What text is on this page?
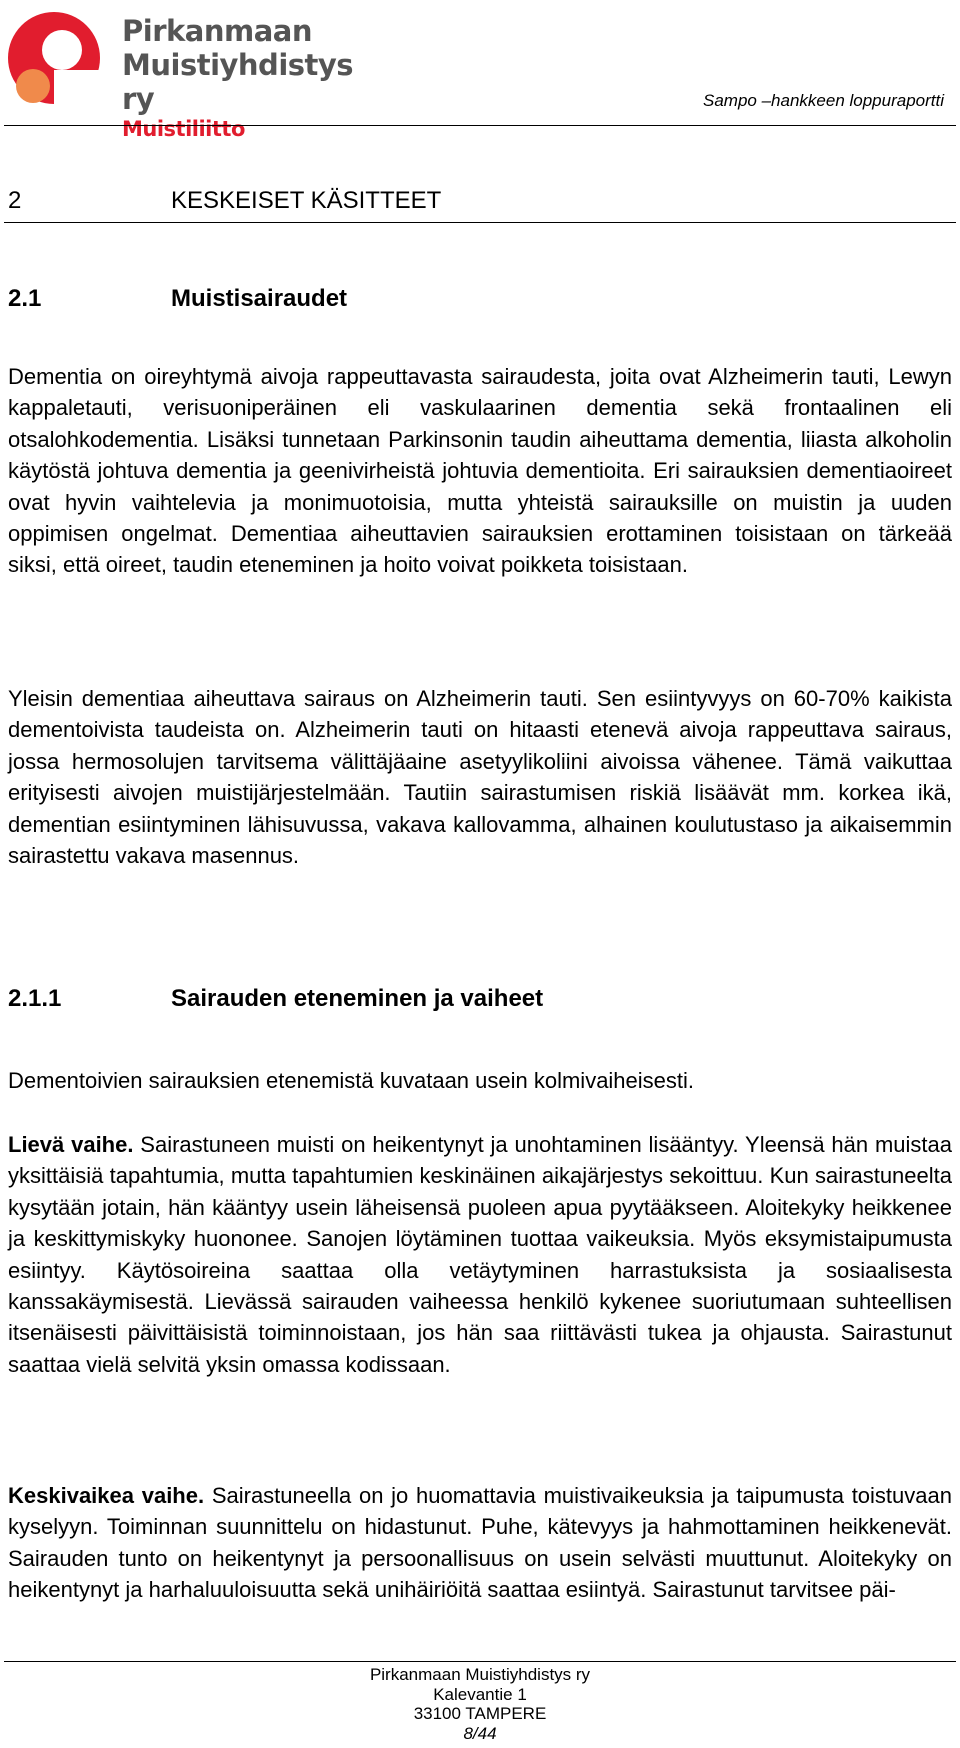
Pirkanmaan
Muistiyhdistys ry
Muistiliitto
Sampo –hankkeen loppuraportti
2	KESKEISET KÄSITTEET
2.1	Muistisairaudet

Dementia on oireyhtymä aivoja rappeuttavasta sairaudesta, joita ovat Alzheimerin tauti, Lewyn kappaletauti, verisuoniperäinen eli vaskulaarinen dementia sekä frontaalinen eli otsalohkodementia. Lisäksi tunnetaan Parkinsonin taudin aiheuttama dementia, liiasta alkoholin käytöstä johtuva dementia ja geenivirheistä johtuvia dementioita. Eri sairauksien dementiaoireet ovat hyvin vaihtelevia ja monimuotoisia, mutta yhteistä sairauksille on muistin ja uuden oppimisen ongelmat. Dementiaa aiheuttavien sairauksien erottaminen toisistaan on tärkeää siksi, että oireet, taudin eteneminen ja hoito voivat poikketa toisistaan.

Yleisin dementiaa aiheuttava sairaus on Alzheimerin tauti. Sen esiintyvyys on 60-70% kaikista dementoivista taudeista on. Alzheimerin tauti on hitaasti etenevä aivoja rappeuttava sairaus, jossa hermosolujen tarvitsema välittäjäaine asetyylikoliini aivoissa vähenee. Tämä vaikuttaa erityisesti aivojen muistijärjestelmään. Tautiin sairastumisen riskiä lisäävät mm. korkea ikä, dementian esiintyminen lähisuvussa, vakava kallovamma, alhainen koulutustaso ja aikaisemmin sairastettu vakava masennus.

2.1.1	Sairauden eteneminen ja vaiheet

Dementoivien sairauksien etenemistä kuvataan usein kolmivaiheisesti.

Lievä vaihe. Sairastuneen muisti on heikentynyt ja unohtaminen lisääntyy. Yleensä hän muistaa yksittäisiä tapahtumia, mutta tapahtumien keskinäinen aikajärjestys sekoittuu. Kun sairastuneelta kysytään jotain, hän kääntyy usein läheisensä puoleen apua pyytääkseen. Aloitekyky heikkenee ja keskittymiskyky huononee. Sanojen löytäminen tuottaa vaikeuksia. Myös eksymistaipumusta esiintyy. Käytösoireina saattaa olla vetäytyminen harrastuksista ja sosiaalisesta kanssakäymisestä. Lievässä sairauden vaiheessa henkilö kykenee suoriutumaan suhteellisen itsenäisesti päivittäisistä toiminnoistaan, jos hän saa riittävästi tukea ja ohjausta. Sairastunut saattaa vielä selvitä yksin omassa kodissaan.

Keskivaikea vaihe. Sairastuneella on jo huomattavia muistivaikeuksia ja taipumusta toistuvaan kyselyyn. Toiminnan suunnittelu on hidastunut. Puhe, kätevyys ja hahmottaminen heikkenevät. Sairauden tunto on heikentynyt ja persoonallisuus on usein selvästi muuttunut. Aloitekyky on heikentynyt ja harhaluuloisuutta sekä unihäiriöitä saattaa esiintyä. Sairastunut tarvitsee päi-

Pirkanmaan Muistiyhdistys ry
Kalevantie 1
33100 TAMPERE
8/44
